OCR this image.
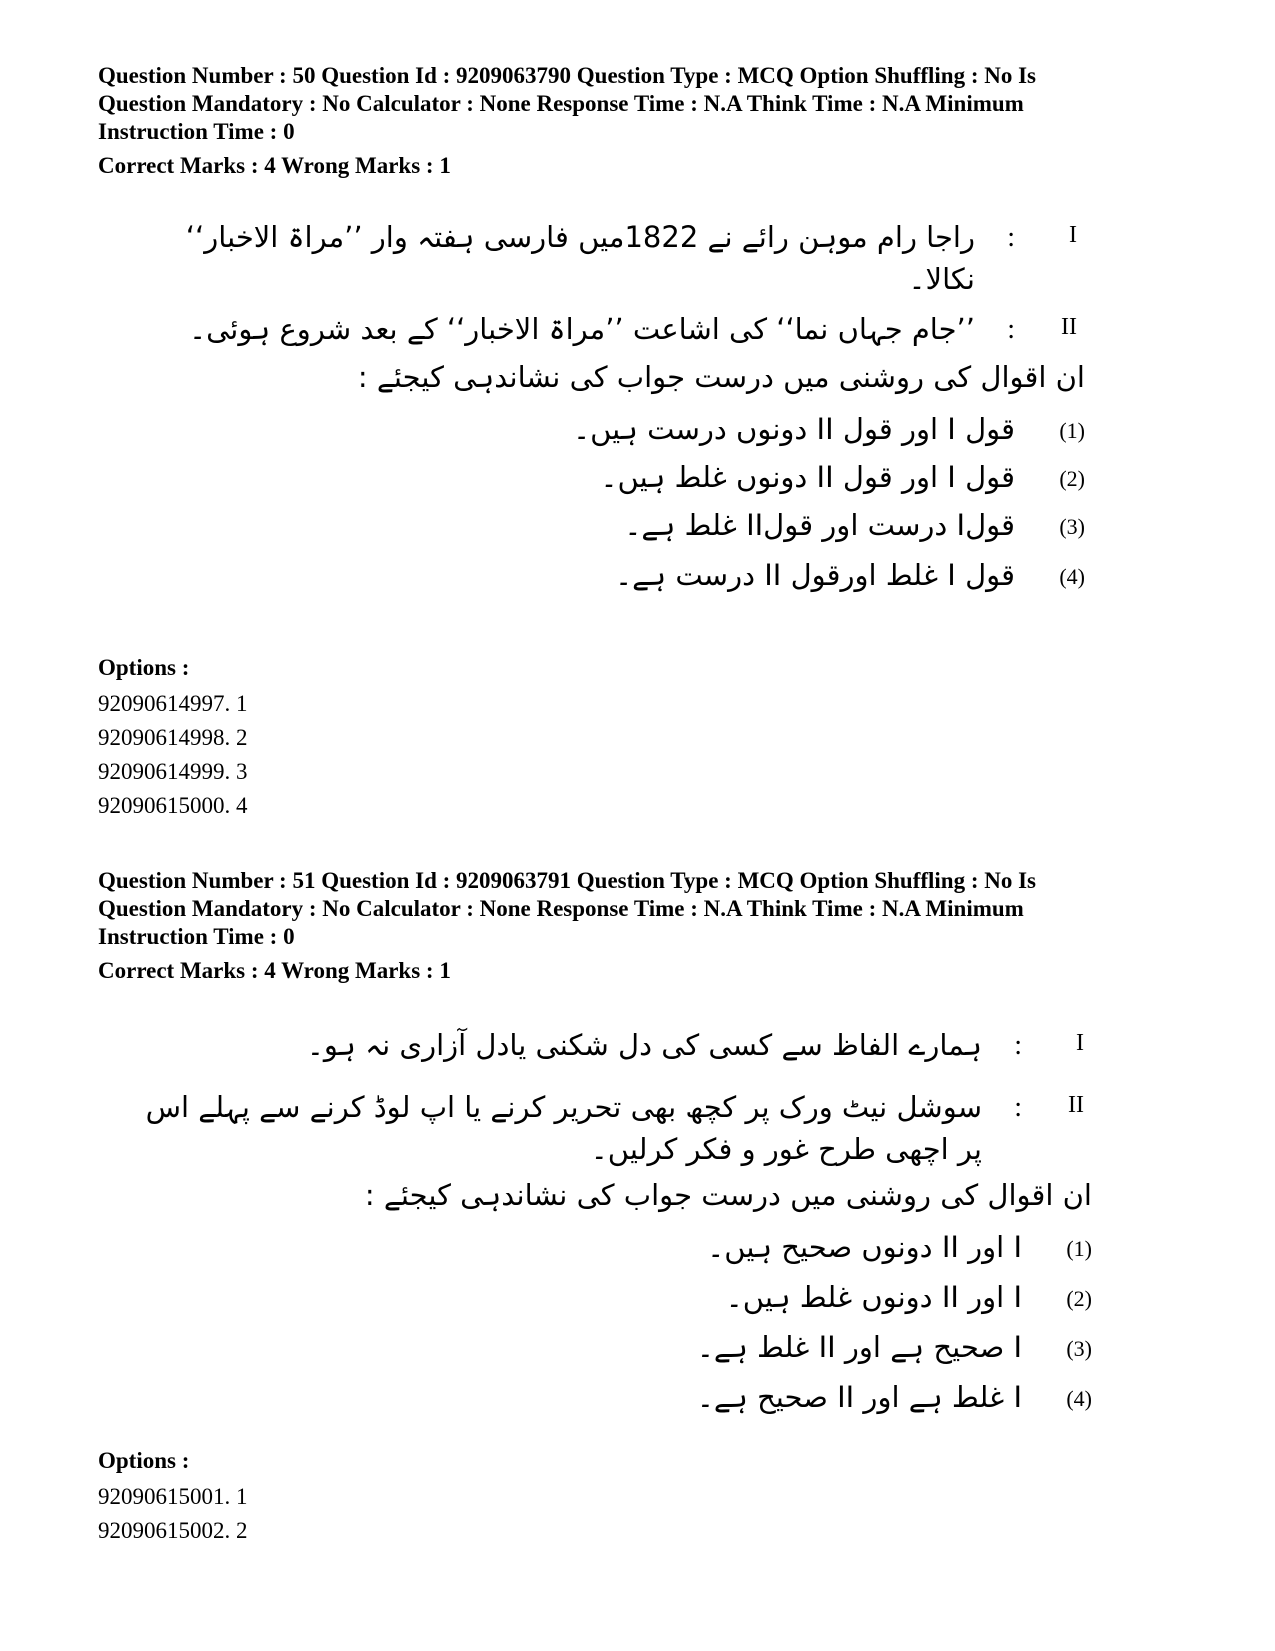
Question Number : 50 Question Id : 9209063790 Question Type : MCQ Option Shuffling : No Is

Question Mandatory : No Calculator : None Response Time : N.A Think Time : N.A Minimum

Instruction Time : 0

Correct Marks : 4 Wrong Marks : 1

I
:
راجا رام موہن رائے نے 1822میں فارسی ہفتہ وار ’’مراۃ الاخبار‘‘ نکالا۔
II
:
’’جام جہاں نما‘‘ کی اشاعت ’’مراۃ الاخبار‘‘ کے بعد شروع ہوئی۔
ان اقوال کی روشنی میں درست جواب کی نشاندہی کیجئے :
(1)
قول I اور قول II دونوں درست ہیں۔
(2)
قول I اور قول II دونوں غلط ہیں۔
(3)
قولI درست اور قولII غلط ہے۔
(4)
قول I غلط اورقول II درست ہے۔

Options :

92090614997. 1

92090614998. 2

92090614999. 3

92090615000. 4

Question Number : 51 Question Id : 9209063791 Question Type : MCQ Option Shuffling : No Is

Question Mandatory : No Calculator : None Response Time : N.A Think Time : N.A Minimum

Instruction Time : 0

Correct Marks : 4 Wrong Marks : 1

I
:
ہمارے الفاظ سے کسی کی دل شکنی یادل آزاری نہ ہو۔
II
:
سوشل نیٹ ورک پر کچھ بھی تحریر کرنے یا اپ لوڈ کرنے سے پہلے اس پر اچھی طرح غور و فکر کرلیں۔
ان اقوال کی روشنی میں درست جواب کی نشاندہی کیجئے :
(1)
I اور II دونوں صحیح ہیں۔
(2)
I اور II دونوں غلط ہیں۔
(3)
I صحیح ہے اور II غلط ہے۔
(4)
I غلط ہے اور II صحیح ہے۔

Options :

92090615001. 1

92090615002. 2
